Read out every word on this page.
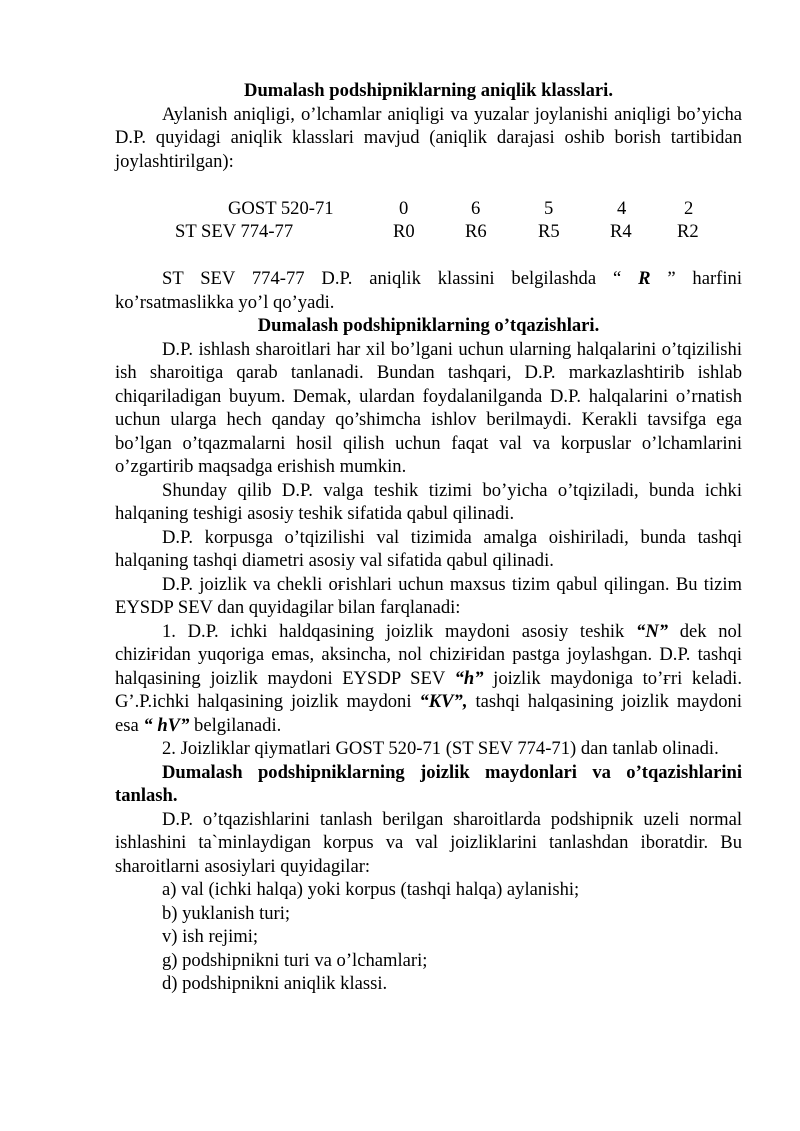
Dumalash podshipniklarning aniqlik klasslari.

Aylanish aniqligi, o’lchamlar aniqligi va yuzalar joylanishi aniqligi bo’yicha D.P. quyidagi aniqlik klasslari mavjud (aniqlik darajasi oshib borish tartibidan joylashtirilgan):

GOST 520-71	0	6	5	4	2
ST SEV 774-77	R0	R6	R5	R4 R2

ST SEV 774-77 D.P. aniqlik klassini belgilashda “ R ” harfini ko’rsatmaslikka yo’l qo’yadi.

Dumalash podshipniklarning o’tqazishlari.

D.P. ishlash sharoitlari har xil bo’lgani uchun ularning halqalarini o’tqizilishi ish sharoitiga qarab tanlanadi. Bundan tashqari, D.P. markazlashtirib ishlab chiqariladigan buyum. Demak, ulardan foydalanilganda D.P. halqalarini o’rnatish uchun ularga hech qanday qo’shimcha ishlov berilmaydi. Kerakli tavsifga ega bo’lgan o’tqazmalarni hosil qilish uchun faqat val va korpuslar o’lchamlarini o’zgartirib maqsadga erishish mumkin.

Shunday qilib D.P. valga teshik tizimi bo’yicha o’tqiziladi, bunda ichki halqaning teshigi asosiy teshik sifatida qabul qilinadi.

D.P. korpusga o’tqizilishi val tizimida amalga oishiriladi, bunda tashqi halqaning tashqi diametri asosiy val sifatida qabul qilinadi.

D.P. joizlik va chekli oғishlari uchun maxsus tizim qabul qilingan. Bu tizim EYSDP SEV dan quyidagilar bilan farqlanadi:

1. D.P. ichki haldqasining joizlik maydoni asosiy teshik “N” dek nol chiziғidan yuqoriga emas, aksincha, nol chiziғidan pastga joylashgan. D.P. tashqi halqasining joizlik maydoni EYSDP SEV “h” joizlik maydoniga to’ғri keladi. G’.P.ichki halqasining joizlik maydoni “KV”, tashqi halqasining joizlik maydoni esa “ hV” belgilanadi.

2. Joizliklar qiymatlari GOST 520-71 (ST SEV 774-71) dan tanlab olinadi.

Dumalash podshipniklarning joizlik maydonlari va o’tqazishlarini tanlash.

D.P. o’tqazishlarini tanlash berilgan sharoitlarda podshipnik uzeli normal ishlashini ta`minlaydigan korpus va val joizliklarini tanlashdan iboratdir. Bu sharoitlarni asosiylari quyidagilar:

a) val (ichki halqa) yoki korpus (tashqi halqa) aylanishi;

b) yuklanish turi;

v) ish rejimi;

g) podshipnikni turi va o’lchamlari;

d) podshipnikni aniqlik klassi.
